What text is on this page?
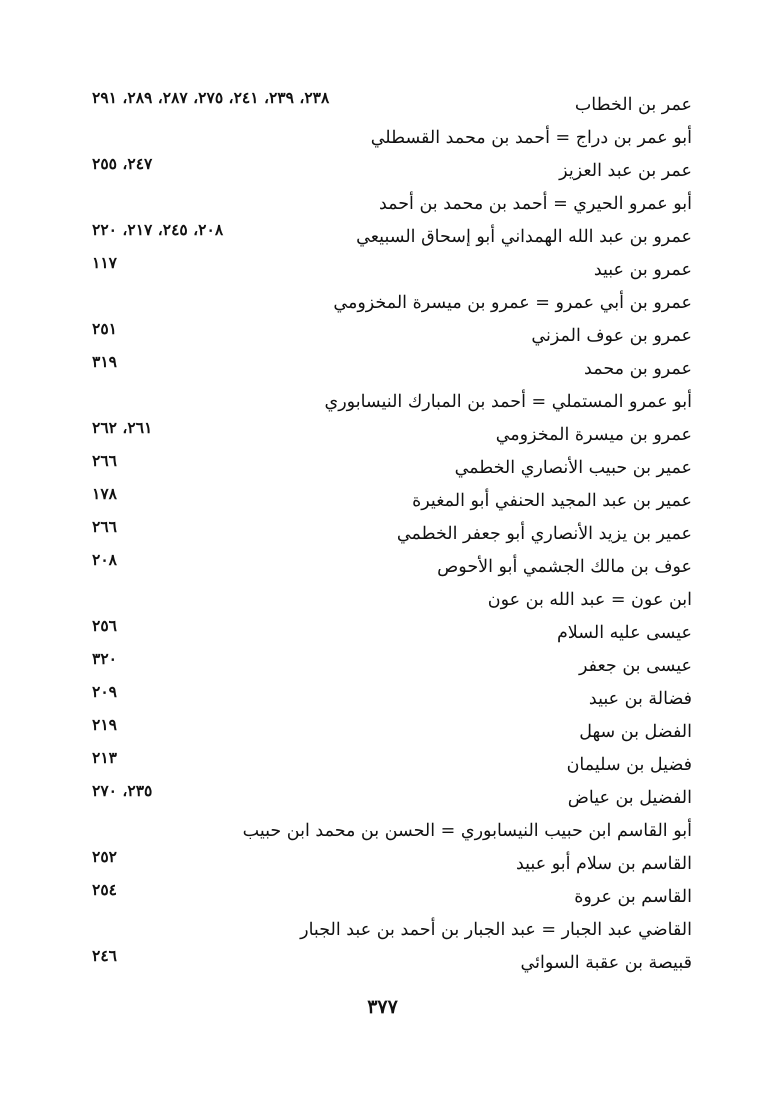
عمر بن الخطاب
٢٣٨، ٢٣٩، ٢٤١، ٢٧٥، ٢٨٧، ٢٨٩، ٢٩١
أبو عمر بن دراج = أحمد بن محمد القسطلي
عمر بن عبد العزيز
٢٤٧، ٢٥٥
أبو عمرو الحيري = أحمد بن محمد بن أحمد
عمرو بن عبد الله الهمداني أبو إسحاق السبيعي
٢٠٨، ٢٤٥، ٢١٧، ٢٢٠
عمرو بن عبيد
١١٧
عمرو بن أبي عمرو = عمرو بن ميسرة المخزومي
عمرو بن عوف المزني
٢٥١
عمرو بن محمد
٣١٩
أبو عمرو المستملي = أحمد بن المبارك النيسابوري
عمرو بن ميسرة المخزومي
٢٦١، ٢٦٢
عمير بن حبيب الأنصاري الخطمي
٢٦٦
عمير بن عبد المجيد الحنفي أبو المغيرة
١٧٨
عمير بن يزيد الأنصاري أبو جعفر الخطمي
٢٦٦
عوف بن مالك الجشمي أبو الأحوص
٢٠٨
ابن عون = عبد الله بن عون
عيسى عليه السلام
٢٥٦
عيسى بن جعفر
٣٢٠
فضالة بن عبيد
٢٠٩
الفضل بن سهل
٢١٩
فضيل بن سليمان
٢١٣
الفضيل بن عياض
٢٣٥، ٢٧٠
أبو القاسم ابن حبيب النيسابوري = الحسن بن محمد ابن حبيب
القاسم بن سلام أبو عبيد
٢٥٢
القاسم بن عروة
٢٥٤
القاضي عبد الجبار = عبد الجبار بن أحمد بن عبد الجبار
قبيصة بن عقبة السوائي
٢٤٦
٣٧٧
